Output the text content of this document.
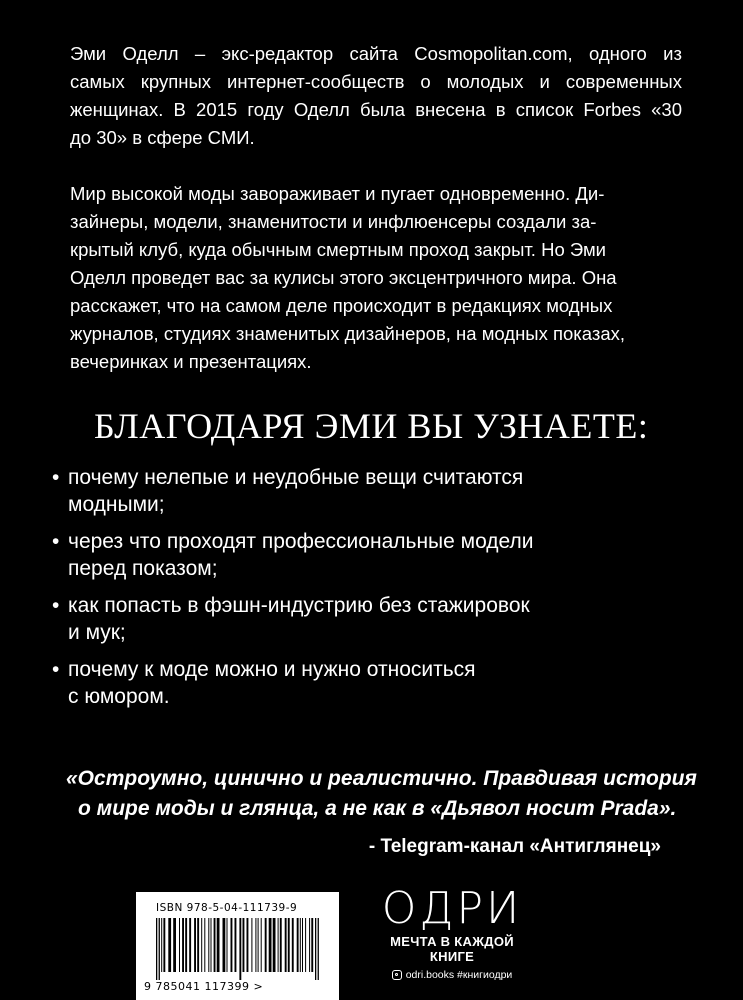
Эми Оделл – экс-редактор сайта Cosmopolitan.com, одного из
самых крупных интернет-сообществ о молодых и современных
женщинах. В 2015 году Оделл была внесена в список Forbes «30
до 30» в сфере СМИ.
Мир высокой моды завораживает и пугает одновременно. Ди-
зайнеры, модели, знаменитости и инфлюенсеры создали за-
крытый клуб, куда обычным смертным проход закрыт. Но Эми
Оделл проведет вас за кулисы этого эксцентричного мира. Она
расскажет, что на самом деле происходит в редакциях модных
журналов, студиях знаменитых дизайнеров, на модных показах,
вечеринках и презентациях.
БЛАГОДАРЯ ЭМИ ВЫ УЗНАЕТЕ:
• почему нелепые и неудобные вещи считаются
модными;
• через что проходят профессиональные модели
перед показом;
• как попасть в фэшн-индустрию без стажировок
и мук;
• почему к моде можно и нужно относиться
с юмором.
«Остроумно, цинично и реалистично. Правдивая история
о мире моды и глянца, а не как в «Дьявол носит Prada».
- Telegram-канал «Антиглянец»
ISBN 978-5-04-111739-9
9 785041 117399 >
ОДРИ
МЕЧТА В КАЖДОЙ
КНИГЕ
odri.books #книгиодри
